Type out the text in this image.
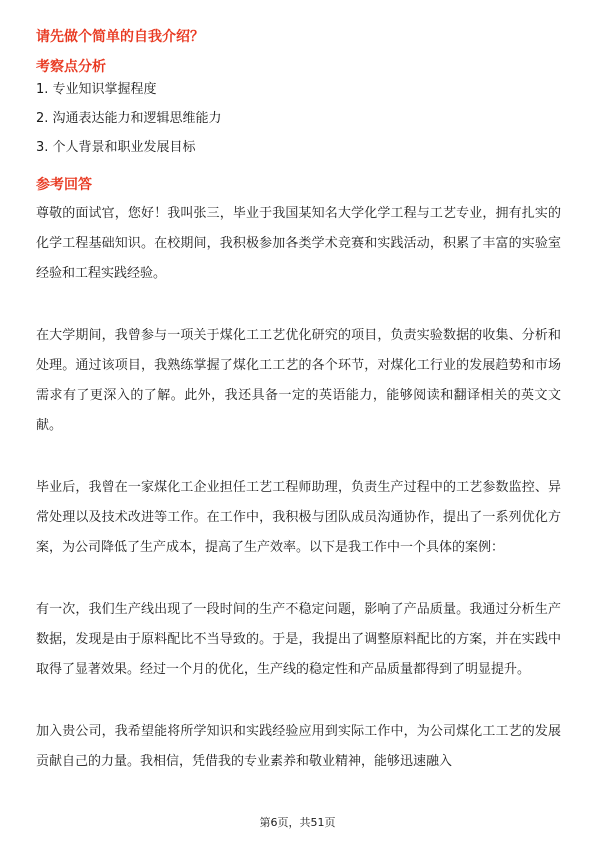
请先做个简单的自我介绍？
考察点分析
1. 专业知识掌握程度
2. 沟通表达能力和逻辑思维能力
3. 个人背景和职业发展目标
参考回答

尊敬的面试官，您好！我叫张三，毕业于我国某知名大学化学工程与工艺专业，拥有扎实的化学工程基础知识。在校期间，我积极参加各类学术竞赛和实践活动，积累了丰富的实验室经验和工程实践经验。

在大学期间，我曾参与一项关于煤化工工艺优化研究的项目，负责实验数据的收集、分析和处理。通过该项目，我熟练掌握了煤化工工艺的各个环节，对煤化工行业的发展趋势和市场需求有了更深入的了解。此外，我还具备一定的英语能力，能够阅读和翻译相关的英文文献。

毕业后，我曾在一家煤化工企业担任工艺工程师助理，负责生产过程中的工艺参数监控、异常处理以及技术改进等工作。在工作中，我积极与团队成员沟通协作，提出了一系列优化方案，为公司降低了生产成本，提高了生产效率。以下是我工作中一个具体的案例：

有一次，我们生产线出现了一段时间的生产不稳定问题，影响了产品质量。我通过分析生产数据，发现是由于原料配比不当导致的。于是，我提出了调整原料配比的方案，并在实践中取得了显著效果。经过一个月的优化，生产线的稳定性和产品质量都得到了明显提升。

加入贵公司，我希望能将所学知识和实践经验应用到实际工作中，为公司煤化工工艺的发展贡献自己的力量。我相信，凭借我的专业素养和敬业精神，能够迅速融入

第6页，共51页
